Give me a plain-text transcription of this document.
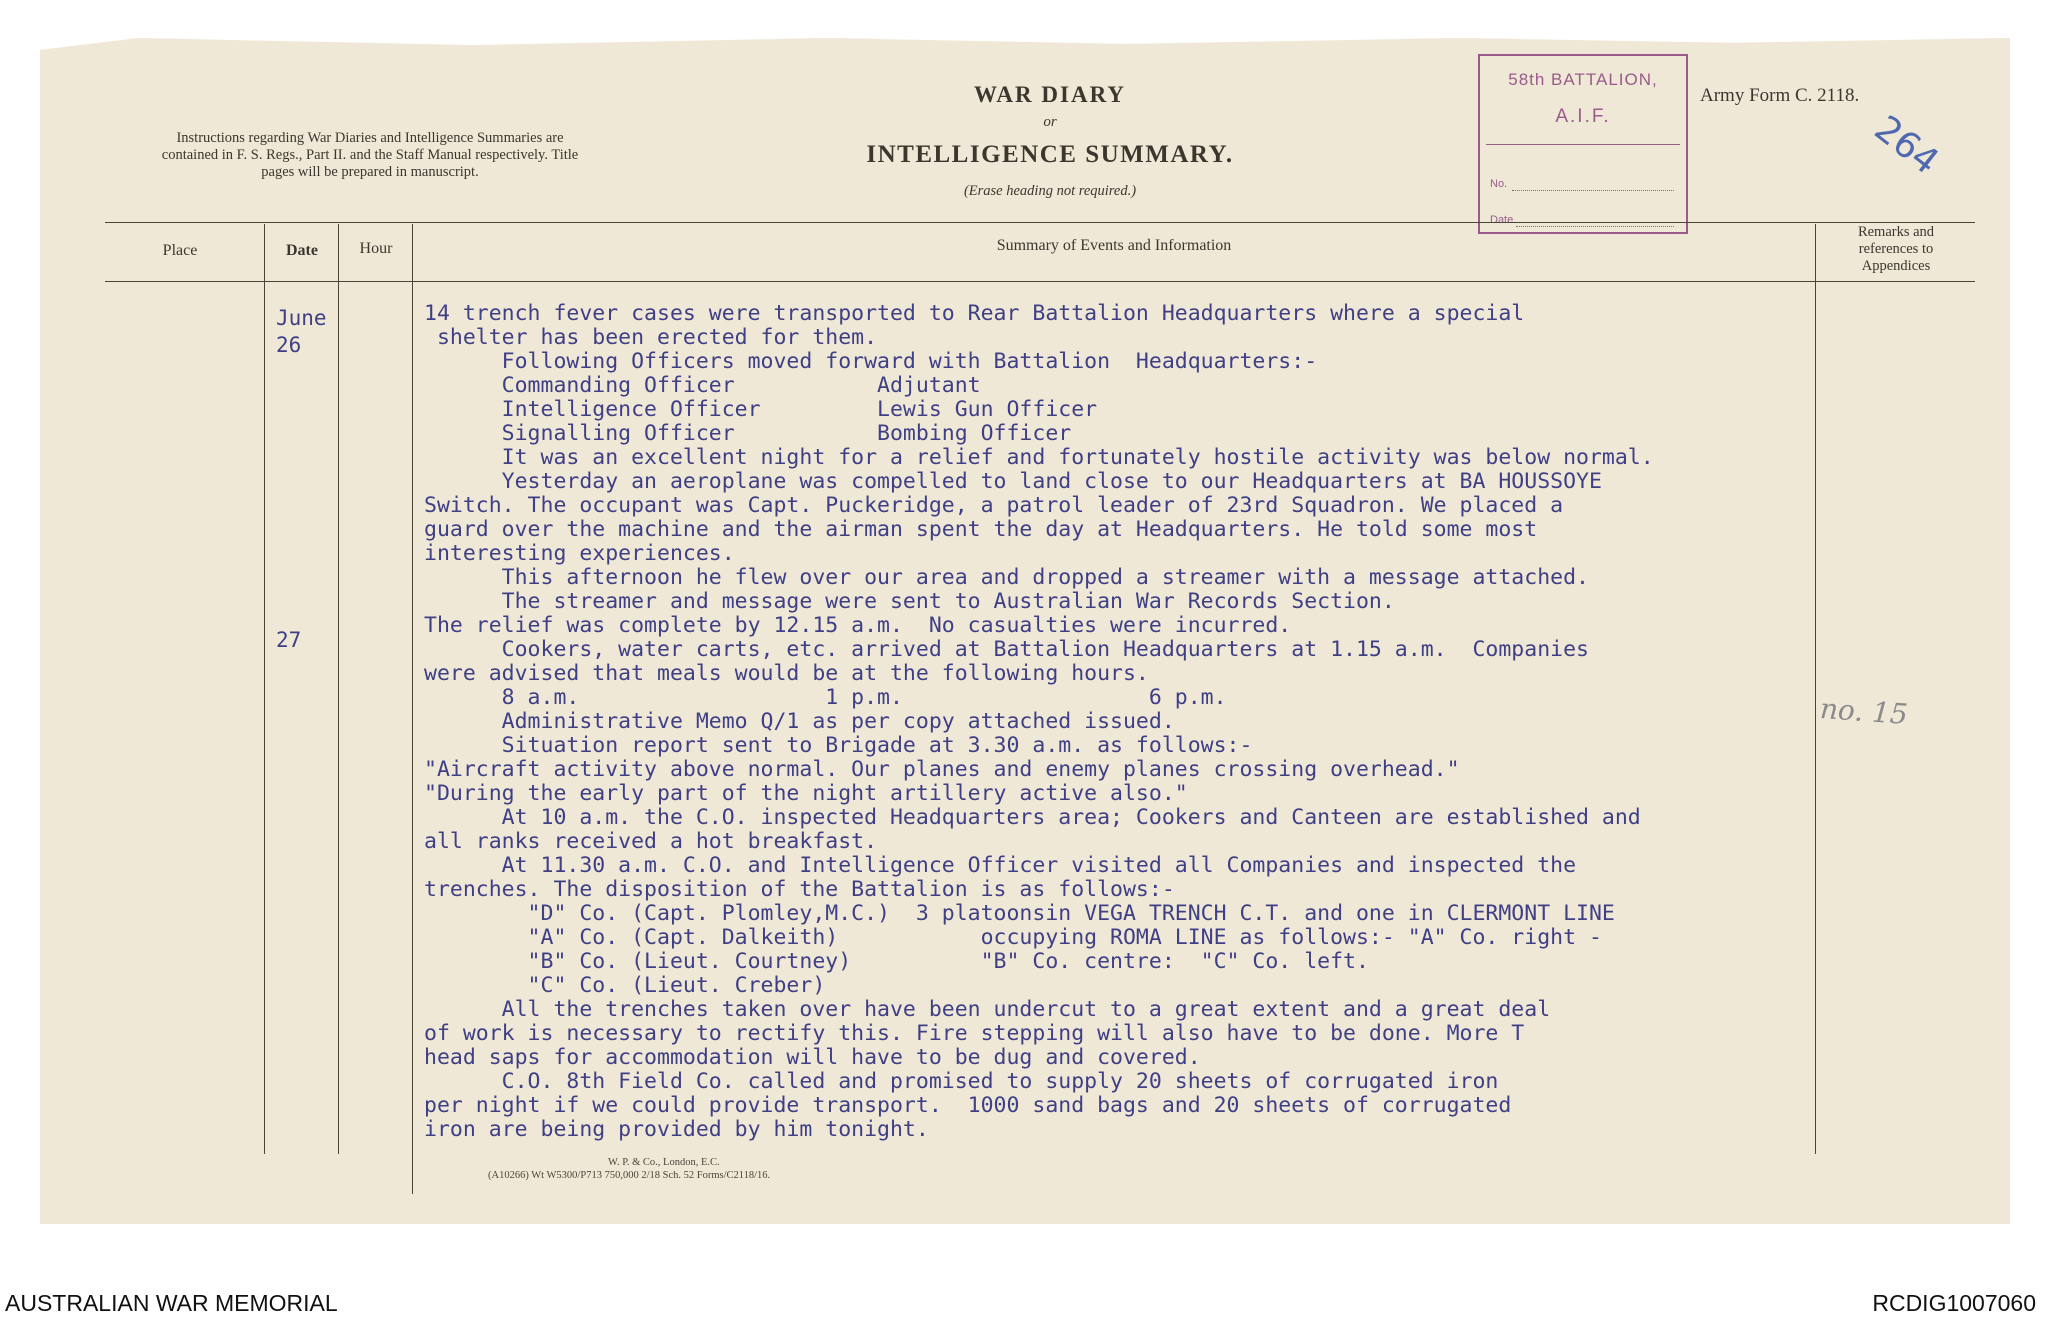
Instructions regarding War Diaries and Intelligence Summaries are contained in F. S. Regs., Part II. and the Staff Manual respectively. Title pages will be prepared in manuscript.
WAR DIARY
or
INTELLIGENCE SUMMARY.
(Erase heading not required.)
Army Form C. 2118.
58th BATTALION,
A.I.F.
No.
Date.
264
Place	Date	Hour	Summary of Events and Information
Remarks and
references to
Appendices
June
26
27
14 trench fever cases were transported to Rear Battalion Headquarters where a special
shelter has been erected for them.
Following Officers moved forward with Battalion  Headquarters:-
Commanding Officer           Adjutant
Intelligence Officer         Lewis Gun Officer
Signalling Officer           Bombing Officer
It was an excellent night for a relief and fortunately hostile activity was below normal.
Yesterday an aeroplane was compelled to land close to our Headquarters at BA HOUSSOYE
Switch. The occupant was Capt. Puckeridge, a patrol leader of 23rd Squadron. We placed a
guard over the machine and the airman spent the day at Headquarters. He told some most
interesting experiences.
This afternoon he flew over our area and dropped a streamer with a message attached.
The streamer and message were sent to Australian War Records Section.
The relief was complete by 12.15 a.m.  No casualties were incurred.
Cookers, water carts, etc. arrived at Battalion Headquarters at 1.15 a.m.  Companies
were advised that meals would be at the following hours.
8 a.m.                   1 p.m.                   6 p.m.
Administrative Memo Q/1 as per copy attached issued.
Situation report sent to Brigade at 3.30 a.m. as follows:-
"Aircraft activity above normal. Our planes and enemy planes crossing overhead."
"During the early part of the night artillery active also."
At 10 a.m. the C.O. inspected Headquarters area; Cookers and Canteen are established and
all ranks received a hot breakfast.
At 11.30 a.m. C.O. and Intelligence Officer visited all Companies and inspected the
trenches. The disposition of the Battalion is as follows:-
"D" Co. (Capt. Plomley,M.C.)  3 platoonsin VEGA TRENCH C.T. and one in CLERMONT LINE
"A" Co. (Capt. Dalkeith)           occupying ROMA LINE as follows:- "A" Co. right -
"B" Co. (Lieut. Courtney)          "B" Co. centre:  "C" Co. left.
"C" Co. (Lieut. Creber)
All the trenches taken over have been undercut to a great extent and a great deal
of work is necessary to rectify this. Fire stepping will also have to be done. More T
head saps for accommodation will have to be dug and covered.
C.O. 8th Field Co. called and promised to supply 20 sheets of corrugated iron
per night if we could provide transport.  1000 sand bags and 20 sheets of corrugated
iron are being provided by him tonight.
no. 15
W. P. & Co., London, E.C.
(A10266) Wt W5300/P713 750,000 2/18 Sch. 52 Forms/C2118/16.
AUSTRALIAN WAR MEMORIAL	RCDIG1007060
